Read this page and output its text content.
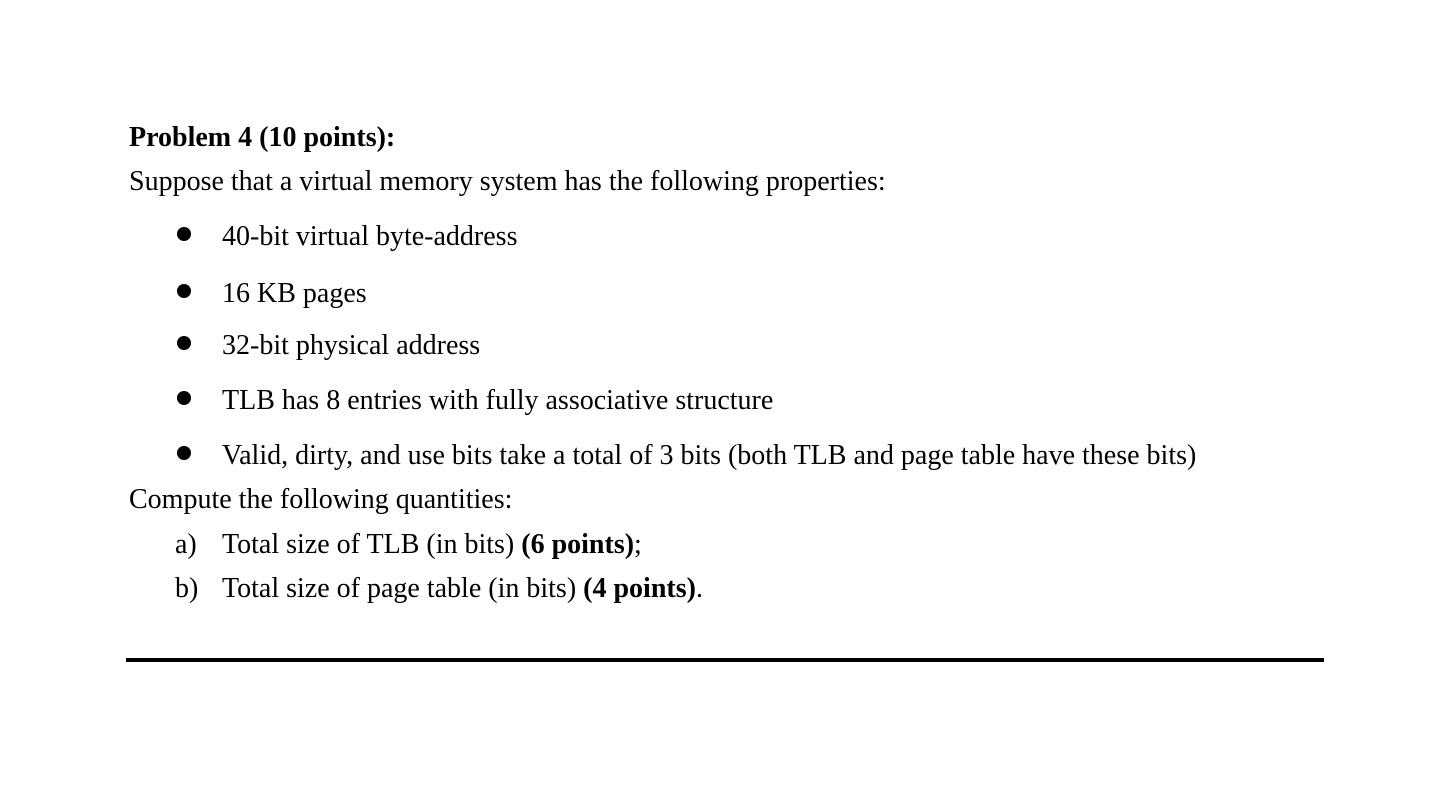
Problem 4 (10 points):
Suppose that a virtual memory system has the following properties:
40-bit virtual byte-address
16 KB pages
32-bit physical address
TLB has 8 entries with fully associative structure
Valid, dirty, and use bits take a total of 3 bits (both TLB and page table have these bits)
Compute the following quantities:
a) Total size of TLB (in bits) (6 points);
b) Total size of page table (in bits) (4 points).
